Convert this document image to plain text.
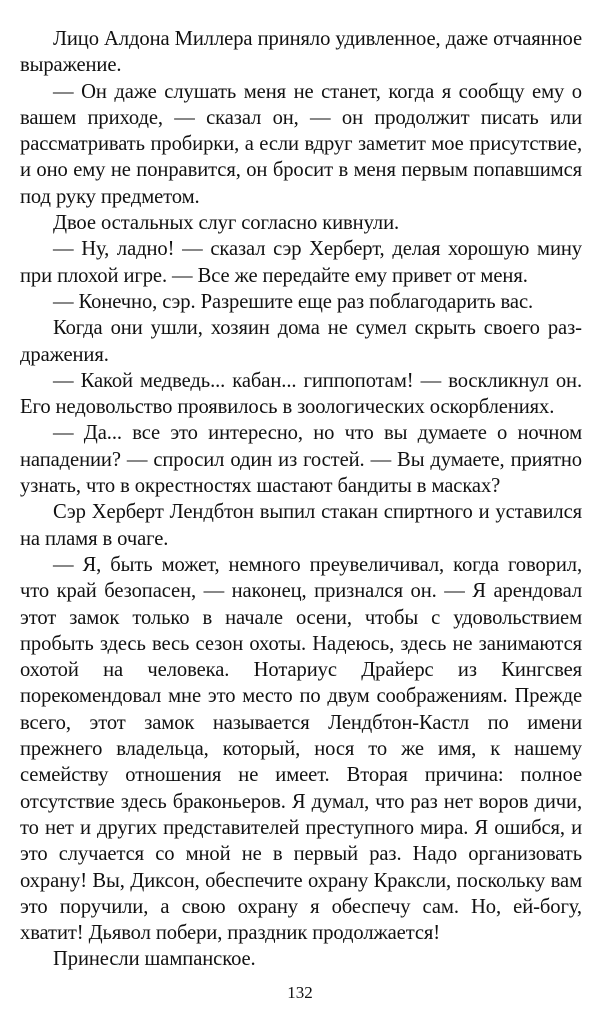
Лицо Алдона Миллера приняло удивленное, даже отчаянное выражение.

— Он даже слушать меня не станет, когда я сообщу ему о вашем приходе, — сказал он, — он продолжит писать или рассматривать пробирки, а если вдруг заметит мое присутствие, и оно ему не понравится, он бросит в меня первым попавшимся под руку предметом.

Двое остальных слуг согласно кивнули.

— Ну, ладно! — сказал сэр Херберт, делая хорошую мину при плохой игре. — Все же передайте ему привет от меня.

— Конечно, сэр. Разрешите еще раз поблагодарить вас.

Когда они ушли, хозяин дома не сумел скрыть своего раздражения.

— Какой медведь... кабан... гиппопотам! — воскликнул он. Его недовольство проявилось в зоологических оскорблениях.

— Да... все это интересно, но что вы думаете о ночном нападении? — спросил один из гостей. — Вы думаете, приятно узнать, что в окрестностях шастают бандиты в масках?

Сэр Херберт Лендбтон выпил стакан спиртного и уставился на пламя в очаге.

— Я, быть может, немного преувеличивал, когда говорил, что край безопасен, — наконец, признался он. — Я арендовал этот замок только в начале осени, чтобы с удовольствием пробыть здесь весь сезон охоты. Надеюсь, здесь не занимаются охотой на человека. Нотариус Драйерс из Кингсвея порекомендовал мне это место по двум соображениям. Прежде всего, этот замок называется Лендбтон-Кастл по имени прежнего владельца, который, нося то же имя, к нашему семейству отношения не имеет. Вторая причина: полное отсутствие здесь браконьеров. Я думал, что раз нет воров дичи, то нет и других представителей преступного мира. Я ошибся, и это случается со мной не в первый раз. Надо организовать охрану! Вы, Диксон, обеспечите охрану Краксли, поскольку вам это поручили, а свою охрану я обеспечу сам. Но, ей-богу, хватит! Дьявол побери, праздник продолжается!

Принесли шампанское.

132
